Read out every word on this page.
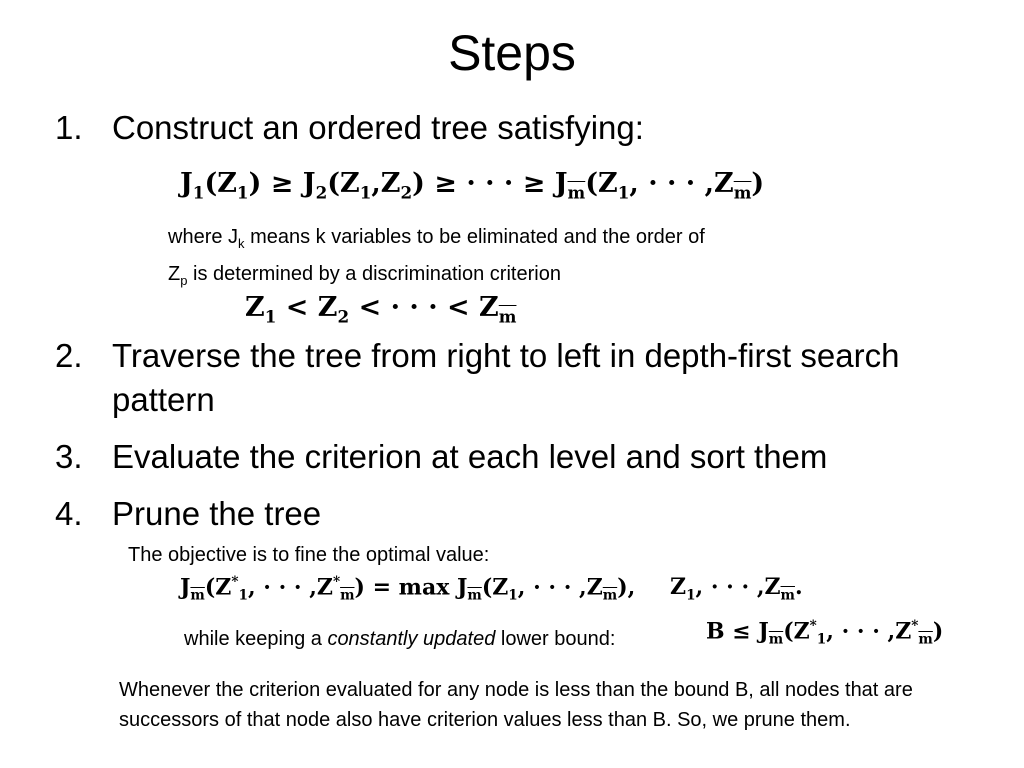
Steps
1. Construct an ordered tree satisfying:
$J_1(Z_1) \ge J_2(Z_1,Z_2)$ ≥ · · · ≥ $J_{\overline{m}}(Z_1$, · · · $,Z_{\overline{m}}$)
where $J_k$ means k variables to be eliminated and the order of
$Z_p$ is determined by a discrimination criterion
$Z_1 < Z_2$ < · · · < $Z_{\overline{m}}$
2. Traverse the tree from right to left in depth-first search pattern
3. Evaluate the criterion at each level and sort them
4. Prune the tree
The objective is to fine the optimal value:
$J_{\overline{m}}(Z^*_1$, · · · $,Z^*_{\overline{m}}) = \max J_{\overline{m}}(Z_1$, · · · $,Z_{\overline{m}}$), $Z_1$, · · · $,Z_{\overline{m}}$.
while keeping a constantly updated lower bound:	$B \le J_{\overline{m}}(Z^*_1$, · · · $,Z^*_{\overline{m}}$)
Whenever the criterion evaluated for any node is less than the bound B, all nodes that are successors of that node also have criterion values less than B. So, we prune them.
